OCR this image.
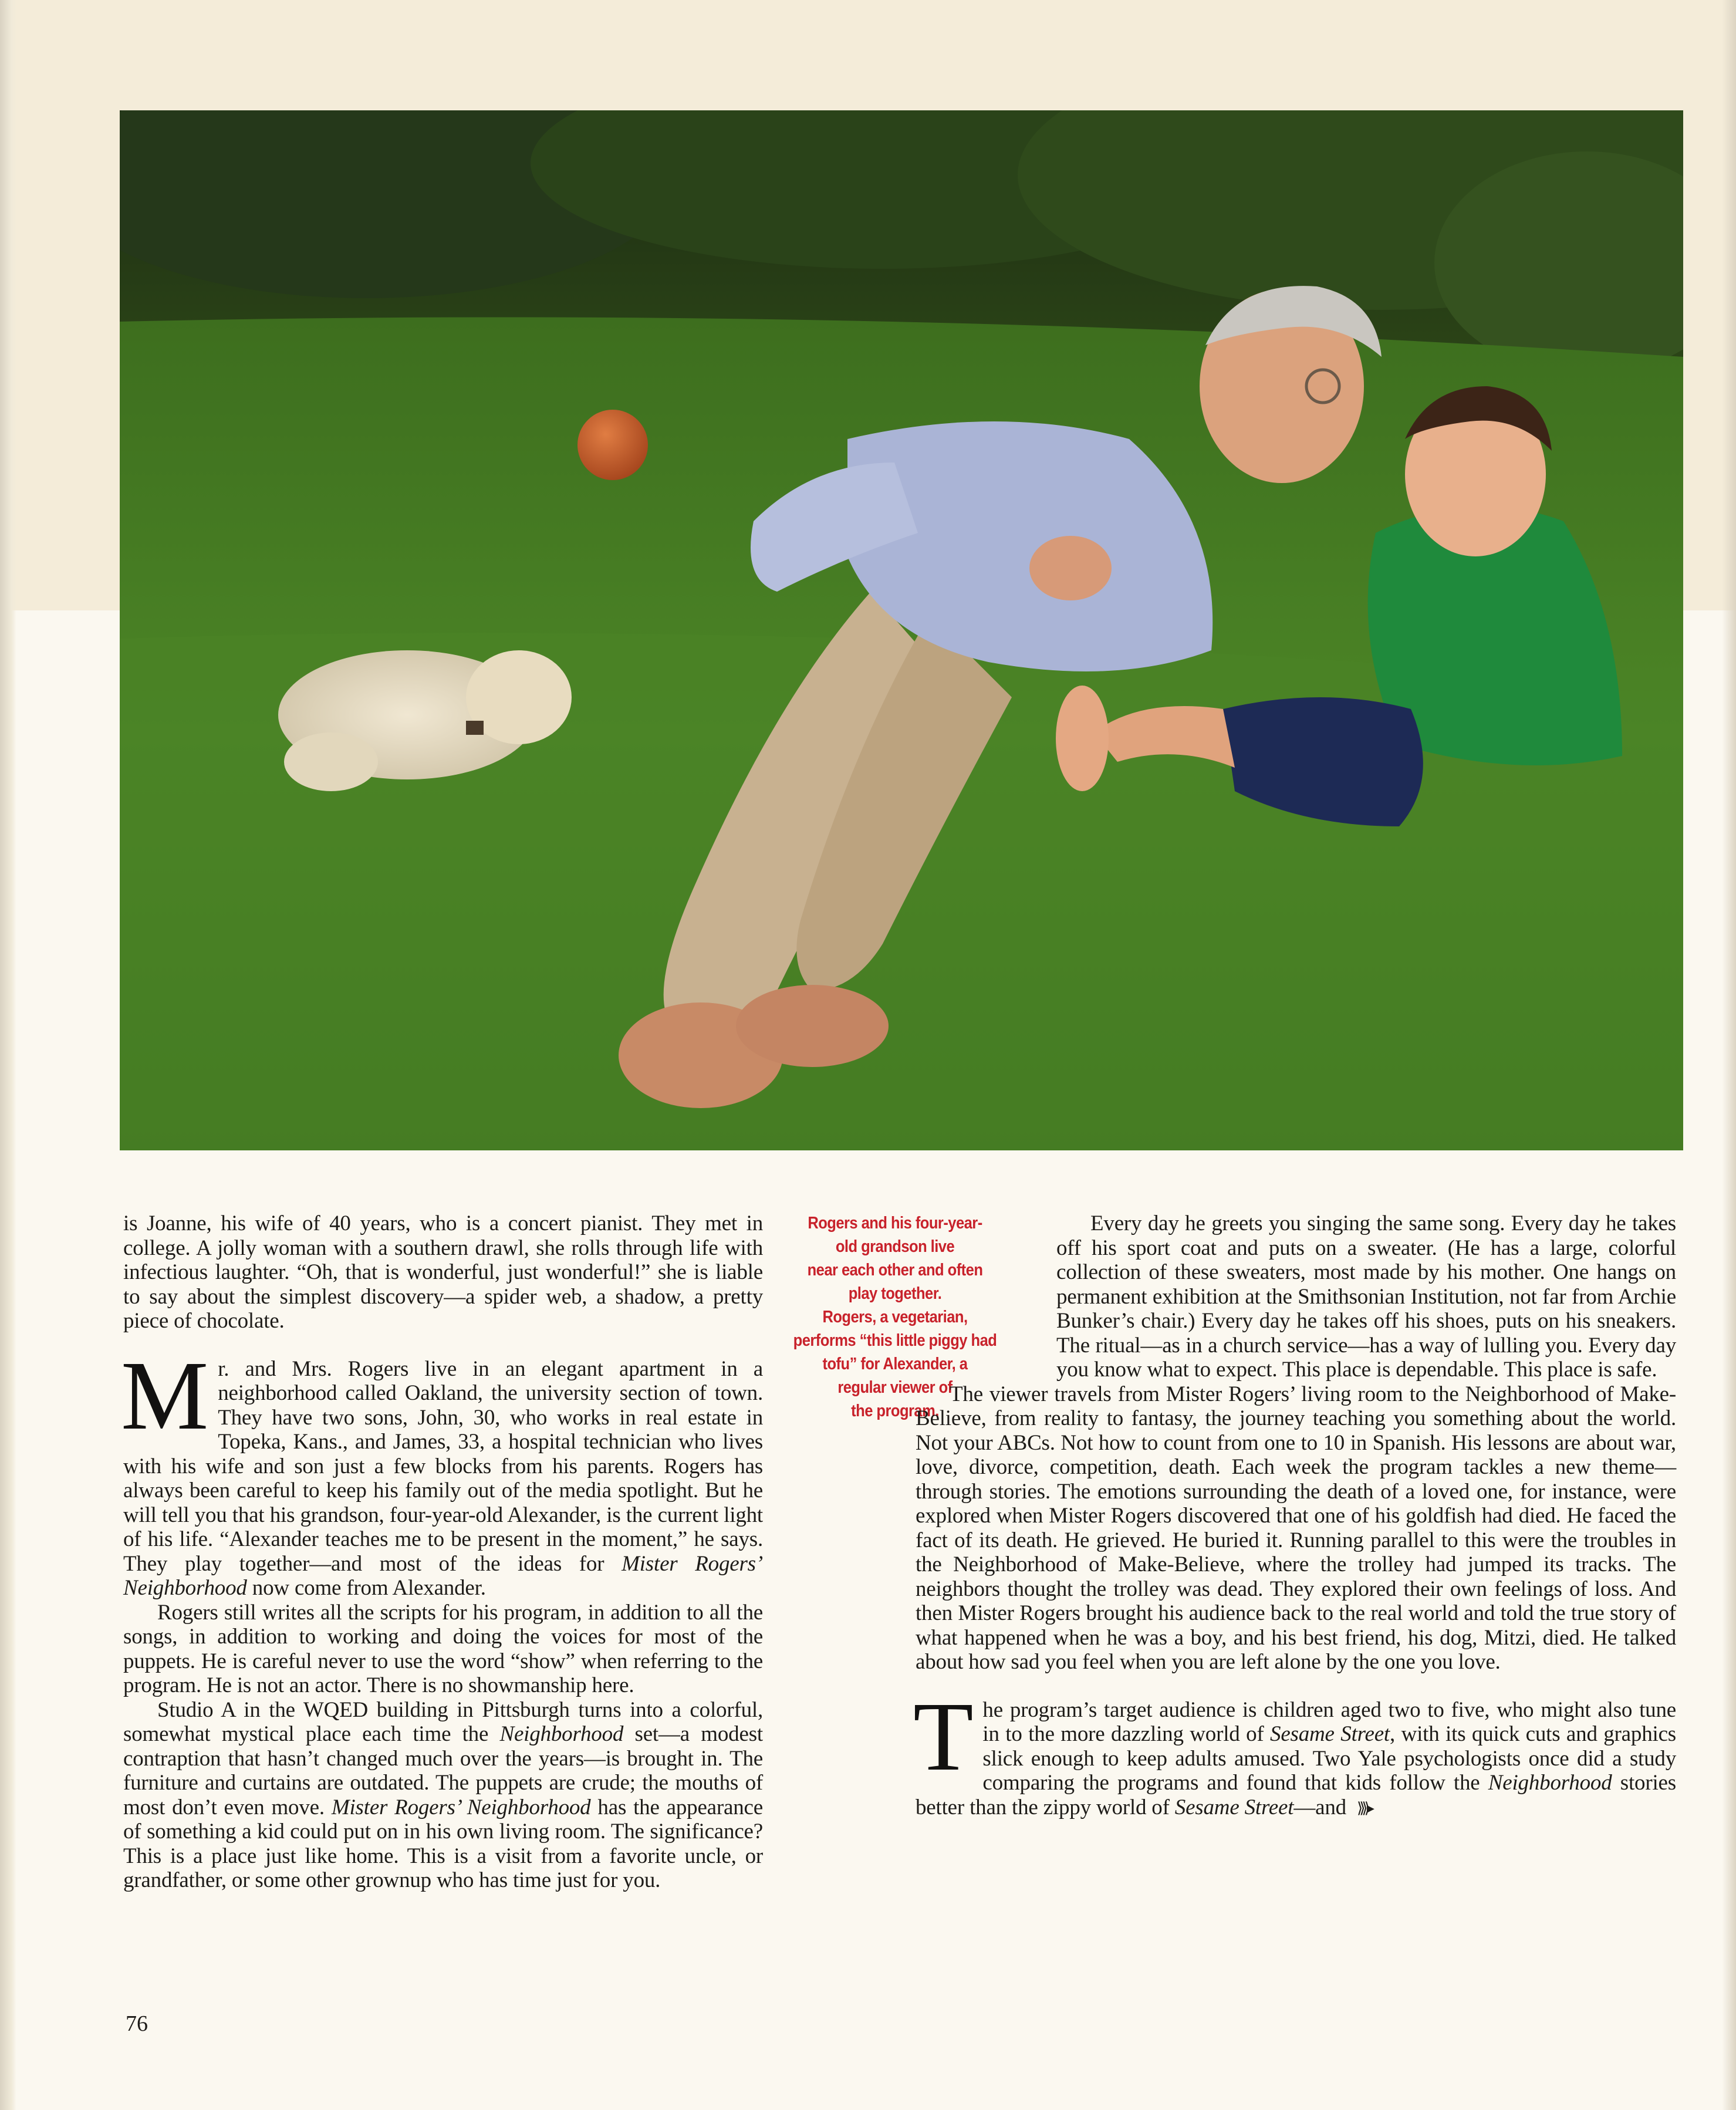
Rogers and his four-year-
old grandson live
near each other and often
play together.
Rogers, a vegetarian,
performs “this little piggy had
tofu” for Alexander, a
regular viewer of
the program.

is Joanne, his wife of 40 years, who is a concert pianist. They met in college. A jolly woman with a southern drawl, she rolls through life with infectious laughter. “Oh, that is wonderful, just wonderful!” she is liable to say about the simplest discovery—a spider web, a shadow, a pretty piece of chocolate.

Mr. and Mrs. Rogers live in an elegant apartment in a neighborhood called Oakland, the university section of town. They have two sons, John, 30, who works in real estate in Topeka, Kans., and James, 33, a hospital technician who lives with his wife and son just a few blocks from his parents. Rogers has always been careful to keep his family out of the media spotlight. But he will tell you that his grandson, four-year-old Alexander, is the current light of his life. “Alexander teaches me to be present in the moment,” he says. They play together—and most of the ideas for Mister Rogers’ Neighborhood now come from Alexander.

Rogers still writes all the scripts for his program, in addition to all the songs, in addition to working and doing the voices for most of the puppets. He is careful never to use the word “show” when referring to the program. He is not an actor. There is no showmanship here.

Studio A in the WQED building in Pittsburgh turns into a colorful, somewhat mystical place each time the Neighborhood set—a modest contraption that hasn’t changed much over the years—is brought in. The furniture and curtains are outdated. The puppets are crude; the mouths of most don’t even move. Mister Rogers’ Neighborhood has the appearance of something a kid could put on in his own living room. The significance? This is a place just like home. This is a visit from a favorite uncle, or grandfather, or some other grownup who has time just for you.

Every day he greets you singing the same song. Every day he takes off his sport coat and puts on a sweater. (He has a large, colorful collection of these sweaters, most made by his mother. One hangs on permanent exhibition at the Smithsonian Institution, not far from Archie Bunker’s chair.) Every day he takes off his shoes, puts on his sneakers. The ritual—as in a church service—has a way of lulling you. Every day you know what to expect. This place is dependable. This place is safe.

The viewer travels from Mister Rogers’ living room to the Neighborhood of Make-Believe, from reality to fantasy, the journey teaching you something about the world. Not your ABCs. Not how to count from one to 10 in Spanish. His lessons are about war, love, divorce, competition, death. Each week the program tackles a new theme—through stories. The emotions surrounding the death of a loved one, for instance, were explored when Mister Rogers discovered that one of his goldfish had died. He faced the fact of its death. He grieved. He buried it. Running parallel to this were the troubles in the Neighborhood of Make-Believe, where the trolley had jumped its tracks. The neighbors thought the trolley was dead. They explored their own feelings of loss. And then Mister Rogers brought his audience back to the real world and told the true story of what happened when he was a boy, and his best friend, his dog, Mitzi, died. He talked about how sad you feel when you are left alone by the one you love.

The program’s target audience is children aged two to five, who might also tune in to the more dazzling world of Sesame Street, with its quick cuts and graphics slick enough to keep adults amused. Two Yale psychologists once did a study comparing the programs and found that kids follow the Neighborhood stories better than the zippy world of Sesame Street—and ⟫⟫▸

76
